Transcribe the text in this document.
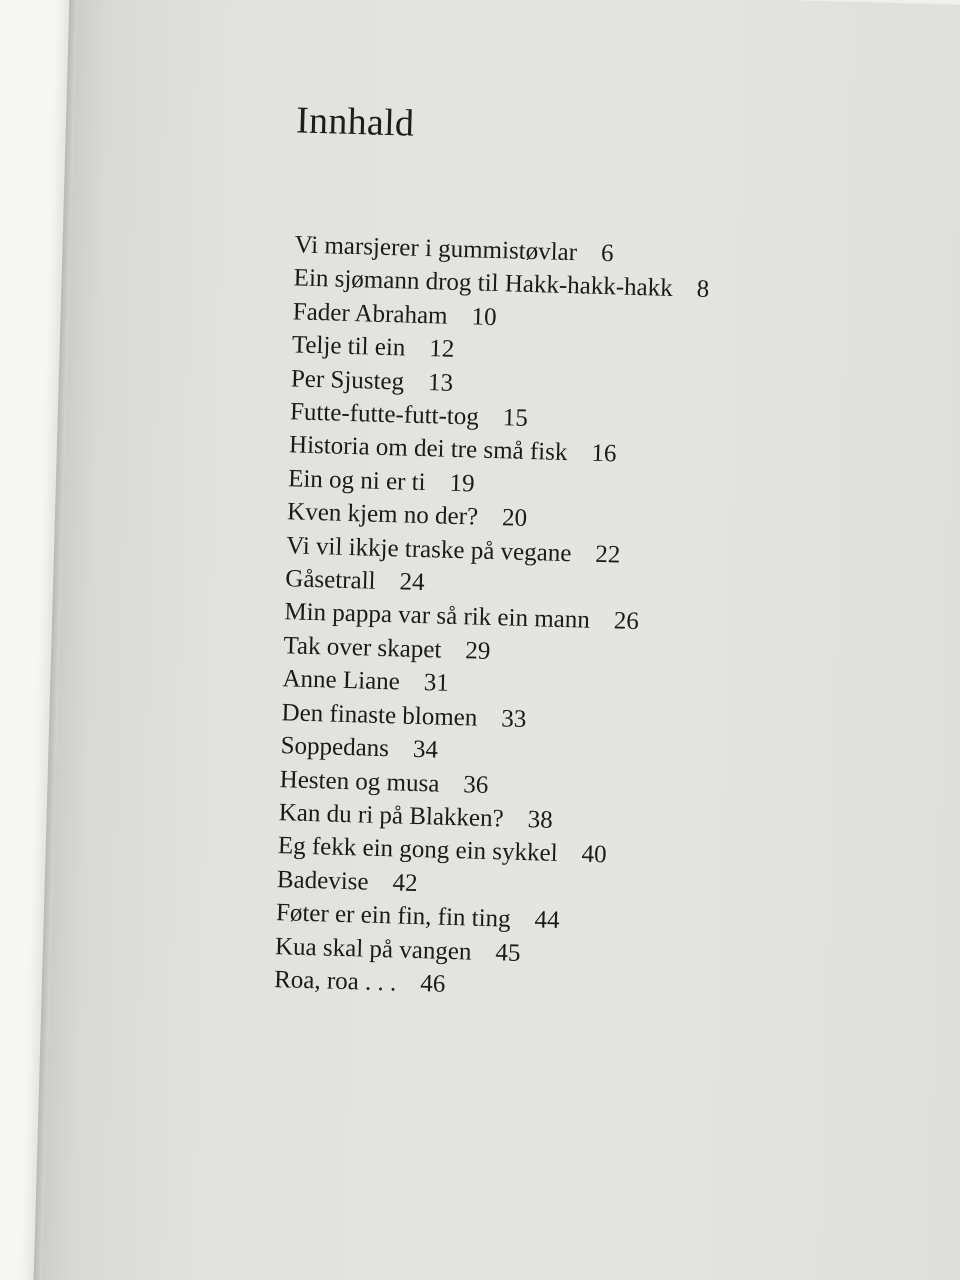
Innhald
Vi marsjerer i gummistøvlar 6
Ein sjømann drog til Hakk-hakk-hakk 8
Fader Abraham 10
Telje til ein 12
Per Sjusteg 13
Futte-futte-futt-tog 15
Historia om dei tre små fisk 16
Ein og ni er ti 19
Kven kjem no der? 20
Vi vil ikkje traske på vegane 22
Gåsetrall 24
Min pappa var så rik ein mann 26
Tak over skapet 29
Anne Liane 31
Den finaste blomen 33
Soppedans 34
Hesten og musa 36
Kan du ri på Blakken? 38
Eg fekk ein gong ein sykkel 40
Badevise 42
Føter er ein fin, fin ting 44
Kua skal på vangen 45
Roa, roa . . . 46
